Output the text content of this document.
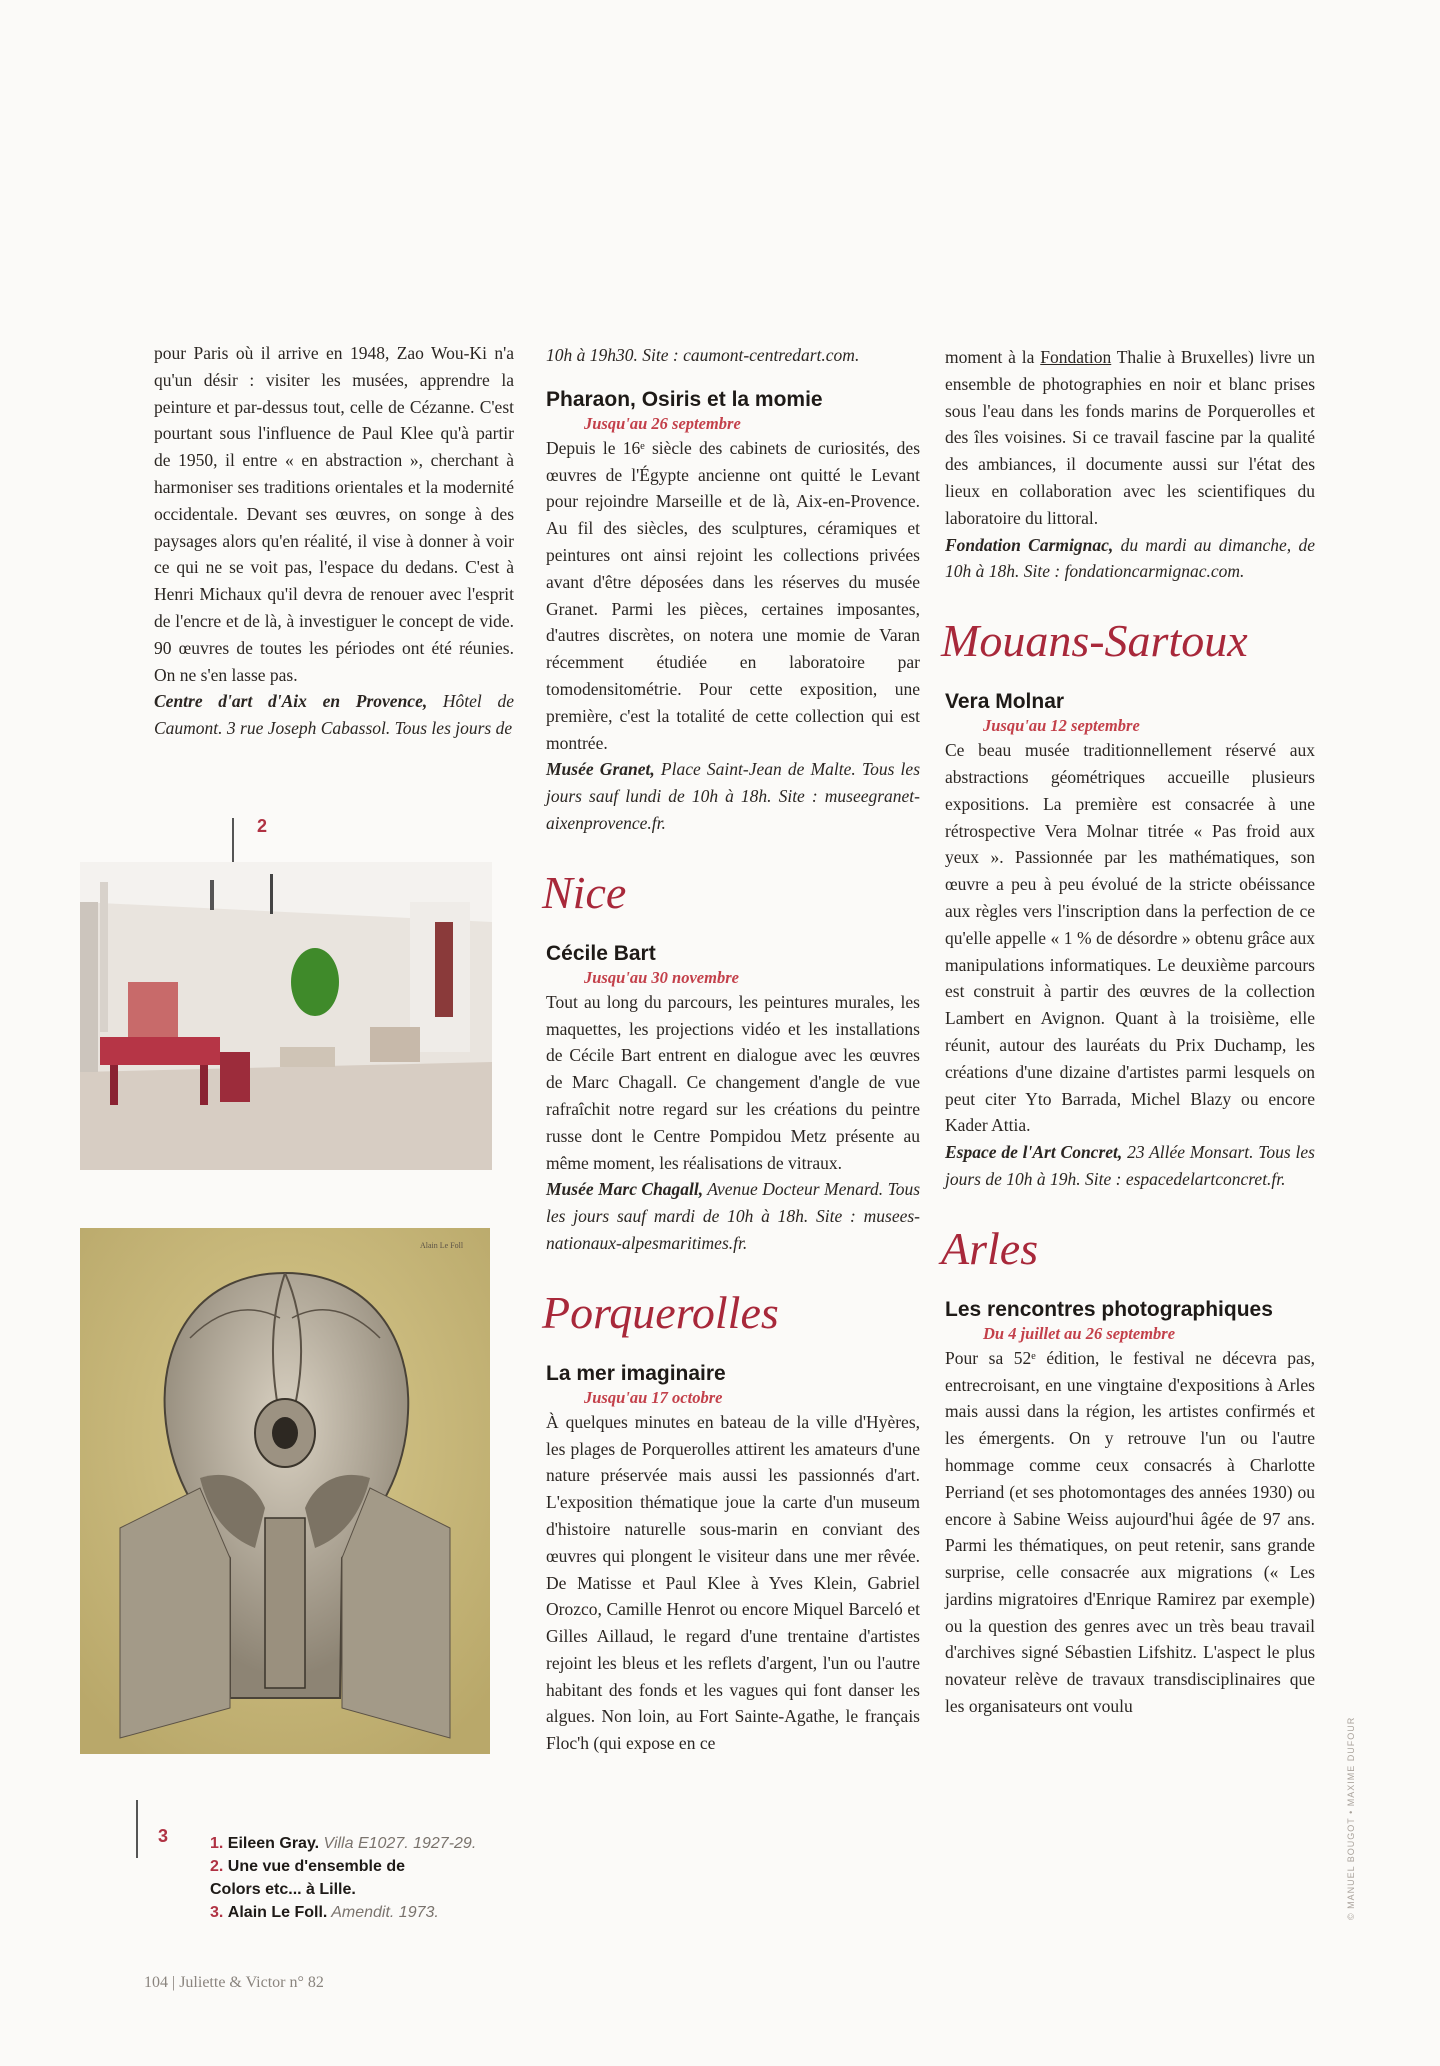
pour Paris où il arrive en 1948, Zao Wou-Ki n'a qu'un désir : visiter les musées, apprendre la peinture et par-dessus tout, celle de Cézanne. C'est pourtant sous l'influence de Paul Klee qu'à partir de 1950, il entre « en abstraction », cherchant à harmoniser ses traditions orientales et la modernité occidentale. Devant ses œuvres, on songe à des paysages alors qu'en réalité, il vise à donner à voir ce qui ne se voit pas, l'espace du dedans. C'est à Henri Michaux qu'il devra de renouer avec l'esprit de l'encre et de là, à investiguer le concept de vide. 90 œuvres de toutes les périodes ont été réunies. On ne s'en lasse pas.

Centre d'art d'Aix en Provence, Hôtel de Caumont. 3 rue Joseph Cabassol. Tous les jours de

2
Alain Le Foll
3	1. Eileen Gray. Villa E1027. 1927-29.
2. Une vue d'ensemble de Colors etc... à Lille.
3. Alain Le Foll. Amendit. 1973.

10h à 19h30. Site : caumont-centredart.com.

Pharaon, Osiris et la momie
Jusqu'au 26 septembre

Depuis le 16ᵉ siècle des cabinets de curiosités, des œuvres de l'Égypte ancienne ont quitté le Levant pour rejoindre Marseille et de là, Aix-en-Provence. Au fil des siècles, des sculptures, céramiques et peintures ont ainsi rejoint les collections privées avant d'être déposées dans les réserves du musée Granet. Parmi les pièces, certaines imposantes, d'autres discrètes, on notera une momie de Varan récemment étudiée en laboratoire par tomodensitométrie. Pour cette exposition, une première, c'est la totalité de cette collection qui est montrée.

Musée Granet, Place Saint-Jean de Malte. Tous les jours sauf lundi de 10h à 18h. Site : museegranet-aixenprovence.fr.

Nice
Cécile Bart
Jusqu'au 30 novembre

Tout au long du parcours, les peintures murales, les maquettes, les projections vidéo et les installations de Cécile Bart entrent en dialogue avec les œuvres de Marc Chagall. Ce changement d'angle de vue rafraîchit notre regard sur les créations du peintre russe dont le Centre Pompidou Metz présente au même moment, les réalisations de vitraux.

Musée Marc Chagall, Avenue Docteur Menard. Tous les jours sauf mardi de 10h à 18h. Site : musees-nationaux-alpesmaritimes.fr.

Porquerolles
La mer imaginaire
Jusqu'au 17 octobre

À quelques minutes en bateau de la ville d'Hyères, les plages de Porquerolles attirent les amateurs d'une nature préservée mais aussi les passionnés d'art. L'exposition thématique joue la carte d'un museum d'histoire naturelle sous-marin en conviant des œuvres qui plongent le visiteur dans une mer rêvée. De Matisse et Paul Klee à Yves Klein, Gabriel Orozco, Camille Henrot ou encore Miquel Barceló et Gilles Aillaud, le regard d'une trentaine d'artistes rejoint les bleus et les reflets d'argent, l'un ou l'autre habitant des fonds et les vagues qui font danser les algues. Non loin, au Fort Sainte-Agathe, le français Floc'h (qui expose en ce

moment à la Fondation Thalie à Bruxelles) livre un ensemble de photographies en noir et blanc prises sous l'eau dans les fonds marins de Porquerolles et des îles voisines. Si ce travail fascine par la qualité des ambiances, il documente aussi sur l'état des lieux en collaboration avec les scientifiques du laboratoire du littoral.

Fondation Carmignac, du mardi au dimanche, de 10h à 18h. Site : fondationcarmignac.com.

Mouans-Sartoux
Vera Molnar
Jusqu'au 12 septembre

Ce beau musée traditionnellement réservé aux abstractions géométriques accueille plusieurs expositions. La première est consacrée à une rétrospective Vera Molnar titrée « Pas froid aux yeux ». Passionnée par les mathématiques, son œuvre a peu à peu évolué de la stricte obéissance aux règles vers l'inscription dans la perfection de ce qu'elle appelle « 1 % de désordre » obtenu grâce aux manipulations informatiques. Le deuxième parcours est construit à partir des œuvres de la collection Lambert en Avignon. Quant à la troisième, elle réunit, autour des lauréats du Prix Duchamp, les créations d'une dizaine d'artistes parmi lesquels on peut citer Yto Barrada, Michel Blazy ou encore Kader Attia.

Espace de l'Art Concret, 23 Allée Monsart. Tous les jours de 10h à 19h. Site : espacedelartconcret.fr.

Arles
Les rencontres photographiques
Du 4 juillet au 26 septembre

Pour sa 52ᵉ édition, le festival ne décevra pas, entrecroisant, en une vingtaine d'expositions à Arles mais aussi dans la région, les artistes confirmés et les émergents. On y retrouve l'un ou l'autre hommage comme ceux consacrés à Charlotte Perriand (et ses photomontages des années 1930) ou encore à Sabine Weiss aujourd'hui âgée de 97 ans. Parmi les thématiques, on peut retenir, sans grande surprise, celle consacrée aux migrations (« Les jardins migratoires d'Enrique Ramirez par exemple) ou la question des genres avec un très beau travail d'archives signé Sébastien Lifshitz. L'aspect le plus novateur relève de travaux transdisciplinaires que les organisateurs ont voulu

© MANUEL BOUGOT • MAXIME DUFOUR
104 | Juliette & Victor n° 82
